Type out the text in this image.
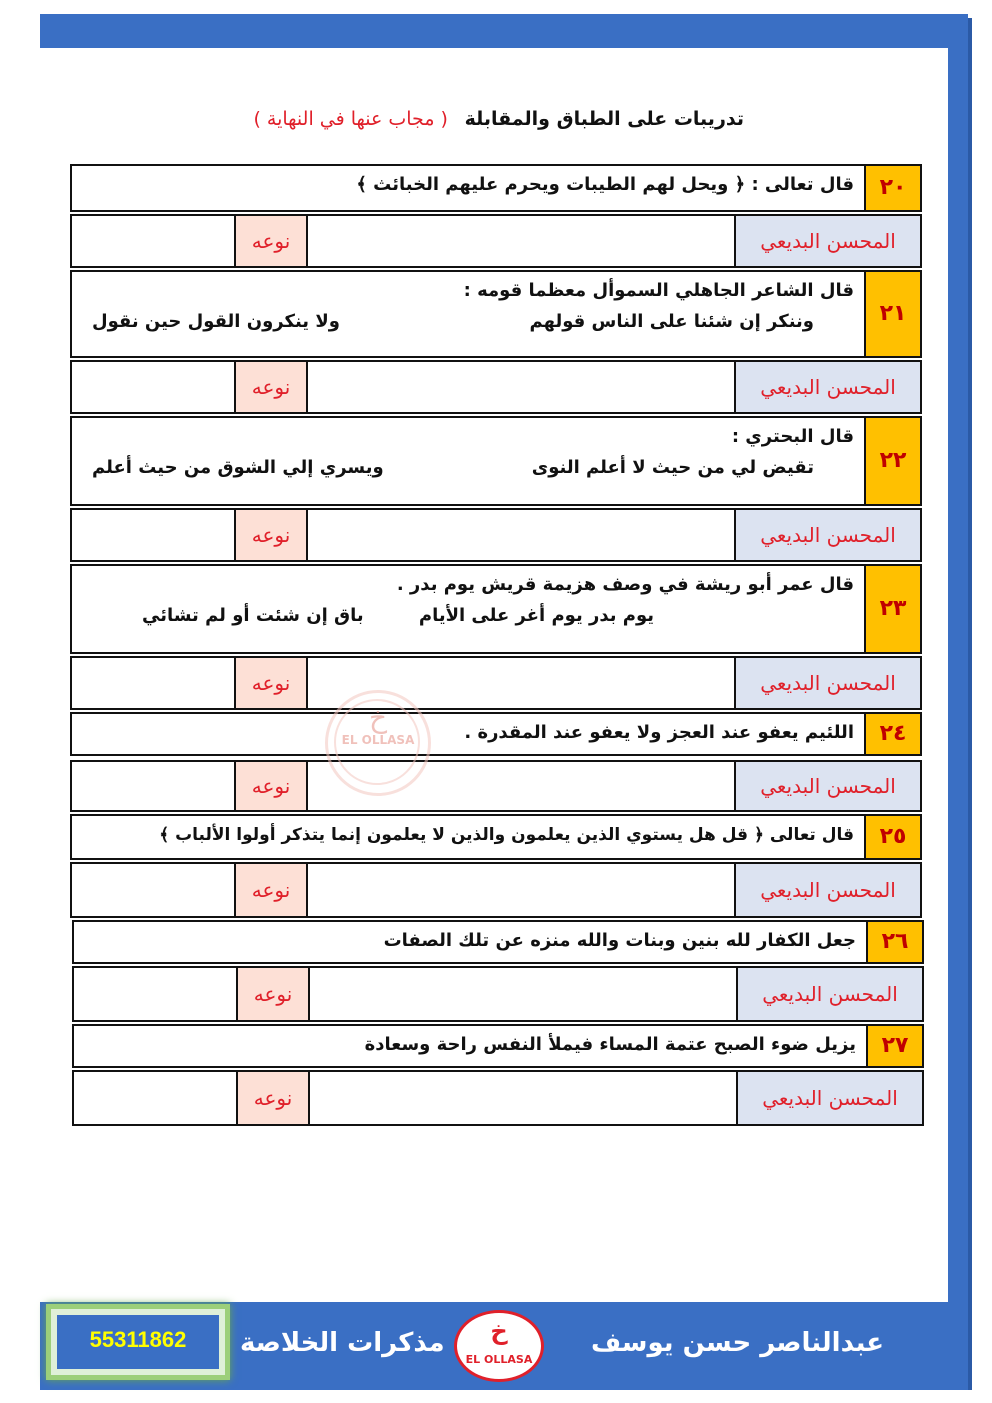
تدريبات على الطباق والمقابلة ( مجاب عنها في النهاية )
٢٠
قال تعالى : ﴿ ويحل لهم الطيبات ويحرم عليهم الخبائث ﴾
المحسن البديعي
نوعه
٢١
قال الشاعر الجاهلي السموأل معظما قومه :
وننكر إن شئنا على الناس قولهم
ولا ينكرون القول حين نقول
المحسن البديعي
نوعه
٢٢
قال البحتري :
تقيض لي من حيث لا أعلم النوى
ويسري إلي الشوق من حيث أعلم
المحسن البديعي
نوعه
٢٣
قال عمر أبو ريشة في وصف هزيمة قريش يوم بدر .
يوم بدر يوم أغر على الأيام
باق إن شئت أو لم تشائي
المحسن البديعي
نوعه
٢٤
اللئيم يعفو عند العجز ولا يعفو عند المقدرة .
المحسن البديعي
نوعه
٢٥
قال تعالى ﴿ قل هل يستوي الذين يعلمون والذين لا يعلمون إنما يتذكر أولوا الألباب ﴾
المحسن البديعي
نوعه
٢٦
جعل الكفار لله بنين وبنات والله منزه عن تلك الصفات
المحسن البديعي
نوعه
٢٧
يزيل ضوء الصبح عتمة المساء فيملأ النفس راحة وسعادة
المحسن البديعي
نوعه
خ
EL OLLASA
55311862	مذكرات الخلاصة	خ
EL OLLASA
عبدالناصر حسن يوسف
